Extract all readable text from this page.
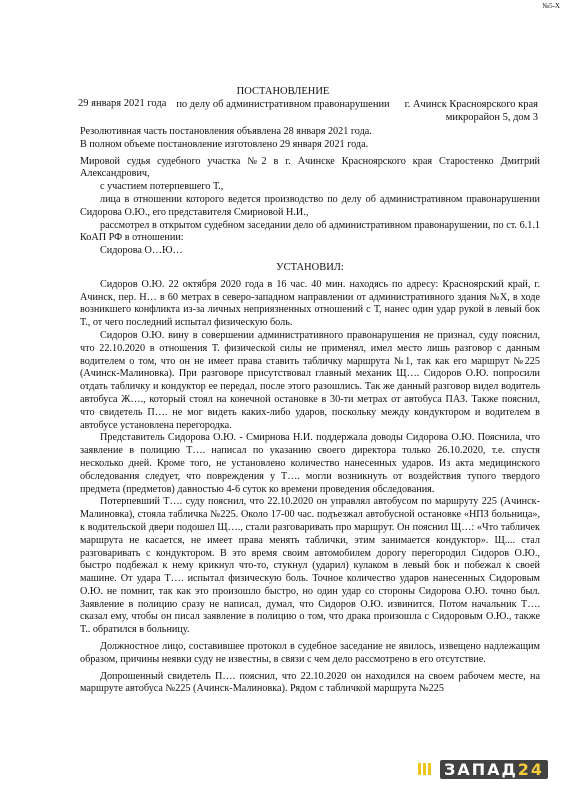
№5-Х
ПОСТАНОВЛЕНИЕ
по делу об административном правонарушении
29 января 2021 года	г. Ачинск Красноярского края
микрорайон 5, дом 3

Резолютивная часть постановления объявлена 28 января 2021 года.

В полном объеме постановление изготовлено 29 января 2021 года.

Мировой судья судебного участка №2 в г. Ачинске Красноярского края Старостенко Дмитрий Александрович,

с участием потерпевшего Т.,

лица в отношении которого ведется производство по делу об административном правонарушении Сидорова О.Ю., его представителя Смирновой Н.И.,

рассмотрел в открытом судебном заседании дело об административном правонарушении, по ст. 6.1.1 КоАП РФ в отношении:

Сидорова О…Ю…

УСТАНОВИЛ:

Сидоров О.Ю. 22 октября 2020 года в 16 час. 40 мин. находясь по адресу: Красноярский край, г. Ачинск, пер. Н… в 60 метрах в северо-западном направлении от административного здания №Х, в ходе возникшего конфликта из-за личных неприязненных отношений с Т, нанес один удар рукой в левый бок Т., от чего последний испытал физическую боль.

Сидоров О.Ю. вину в совершении административного правонарушения не признал, суду пояснил, что 22.10.2020 в отношения Т. физической силы не применял, имел место лишь разговор с данным водителем о том, что он не имеет права ставить табличку маршрута №1, так как его маршрут №225 (Ачинск-Малиновка). При разговоре присутствовал главный механик Щ…. Сидоров О.Ю. попросили отдать табличку и кондуктор ее передал, после этого разошлись. Так же данный разговор видел водитель автобуса Ж…., который стоял на конечной остановке в 30-ти метрах от автобуса ПАЗ. Также пояснил, что свидетель П…. не мог видеть каких-либо ударов, поскольку между кондуктором и водителем в автобусе установлена перегородка.

Представитель Сидорова О.Ю. - Смирнова Н.И. поддержала доводы Сидорова О.Ю. Пояснила, что заявление в полицию Т…. написал по указанию своего директора только 26.10.2020, т.е. спустя несколько дней. Кроме того, не установлено количество нанесенных ударов. Из акта медицинского обследования следует, что повреждения у Т…. могли возникнуть от воздействия тупого твердого предмета (предметов) давностью 4-6 суток ко времени проведения обследования.

Потерпевший Т…. суду пояснил, что 22.10.2020 он управлял автобусом по маршруту 225 (Ачинск-Малиновка), стояла табличка №225. Около 17-00 час. подъезжал автобусной остановке «НПЗ больница», к водительской двери подошел Щ…., стали разговаривать про маршрут. Он пояснил Щ…: «Что табличек маршрута не касается, не имеет права менять таблички, этим занимается кондуктор». Щ.... стал разговаривать с кондуктором. В это время своим автомобилем дорогу перегородил Сидоров О.Ю., быстро подбежал к нему крикнул что-то, стукнул (ударил) кулаком в левый бок и побежал к своей машине. От удара Т…. испытал физическую боль. Точное количество ударов нанесенных Сидоровым О.Ю. не помнит, так как это произошло быстро, но один удар со стороны Сидорова О.Ю. точно был. Заявление в полицию сразу не написал, думал, что Сидоров О.Ю. извинится. Потом начальник Т…. сказал ему, чтобы он писал заявление в полицию о том, что драка произошла с Сидоровым О.Ю., также Т.. обратился в больницу.

Должностное лицо, составившее протокол в судебное заседание не явилось, извещено надлежащим образом, причины неявки суду не известны, в связи с чем дело рассмотрено в его отсутствие.

Допрошенный свидетель П…. пояснил, что 22.10.2020 он находился на своем рабочем месте, на маршруте автобуса №225 (Ачинск-Малиновка). Рядом с табличкой маршрута №225

ЗАПАД24
